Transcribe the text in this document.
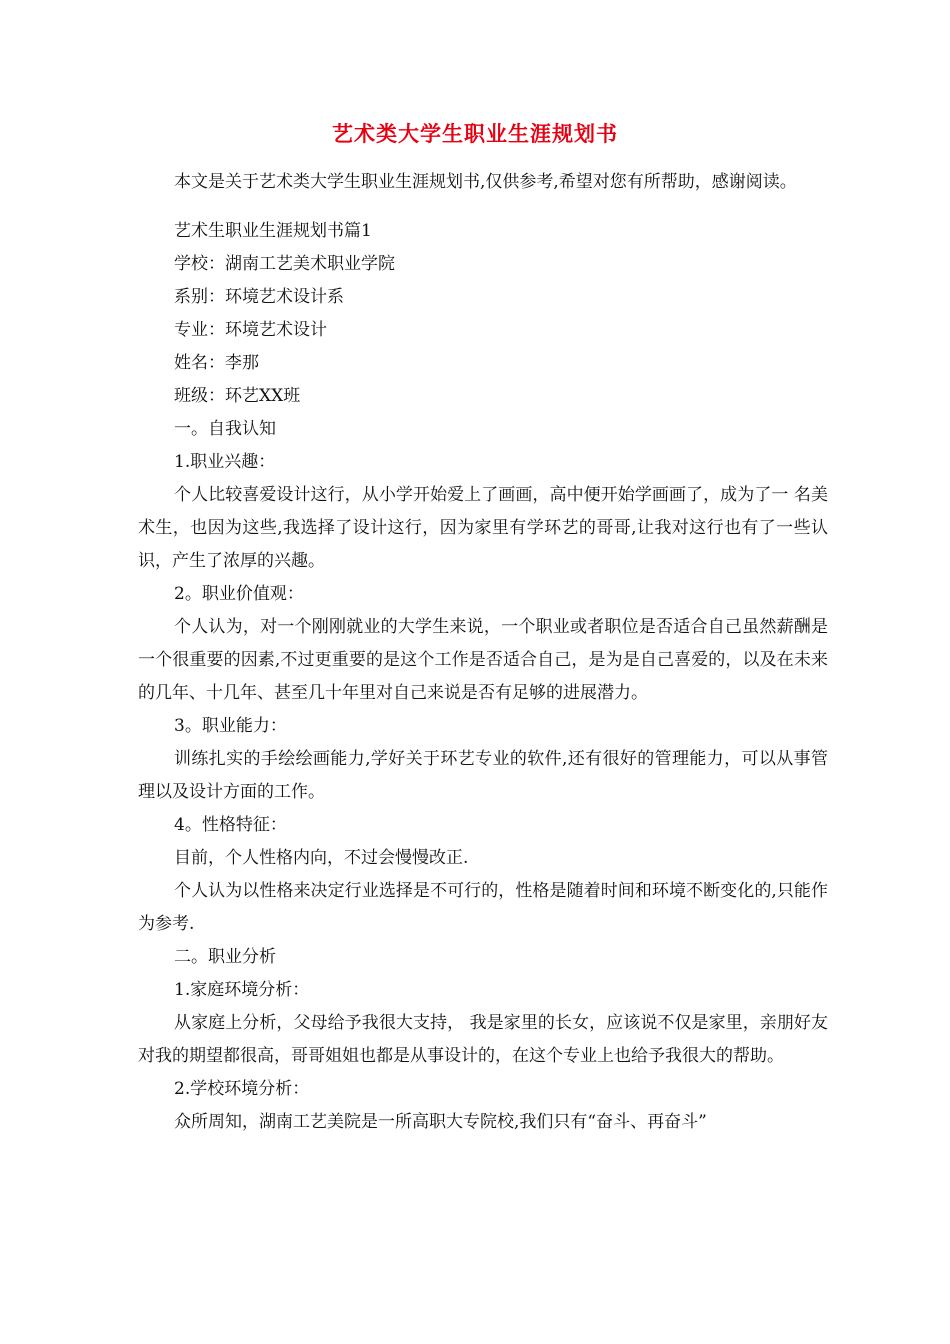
艺术类大学生职业生涯规划书

本文是关于艺术类大学生职业生涯规划书,仅供参考,希望对您有所帮助，感谢阅读。

艺术生职业生涯规划书篇1

学校：湖南工艺美术职业学院

系别：环境艺术设计系

专业：环境艺术设计

姓名：李那

班级：环艺XX班

一。自我认知

1.职业兴趣：

个人比较喜爱设计这行，从小学开始爱上了画画，高中便开始学画画了，成为了一 名美术生，也因为这些,我选择了设计这行，因为家里有学环艺的哥哥,让我对这行也有了一些认识，产生了浓厚的兴趣。

2。职业价值观：

个人认为，对一个刚刚就业的大学生来说，一个职业或者职位是否适合自己虽然薪酬是一个很重要的因素,不过更重要的是这个工作是否适合自己，是为是自己喜爱的，以及在未来的几年、十几年、甚至几十年里对自己来说是否有足够的进展潜力。

3。职业能力：

训练扎实的手绘绘画能力,学好关于环艺专业的软件,还有很好的管理能力，可以从事管理以及设计方面的工作。

4。性格特征：

目前，个人性格内向，不过会慢慢改正.

个人认为以性格来决定行业选择是不可行的，性格是随着时间和环境不断变化的,只能作为参考.

二。职业分析

1.家庭环境分析：

从家庭上分析，父母给予我很大支持， 我是家里的长女，应该说不仅是家里，亲朋好友对我的期望都很高，哥哥姐姐也都是从事设计的，在这个专业上也给予我很大的帮助。

2.学校环境分析：

众所周知，湖南工艺美院是一所高职大专院校,我们只有“奋斗、再奋斗”
